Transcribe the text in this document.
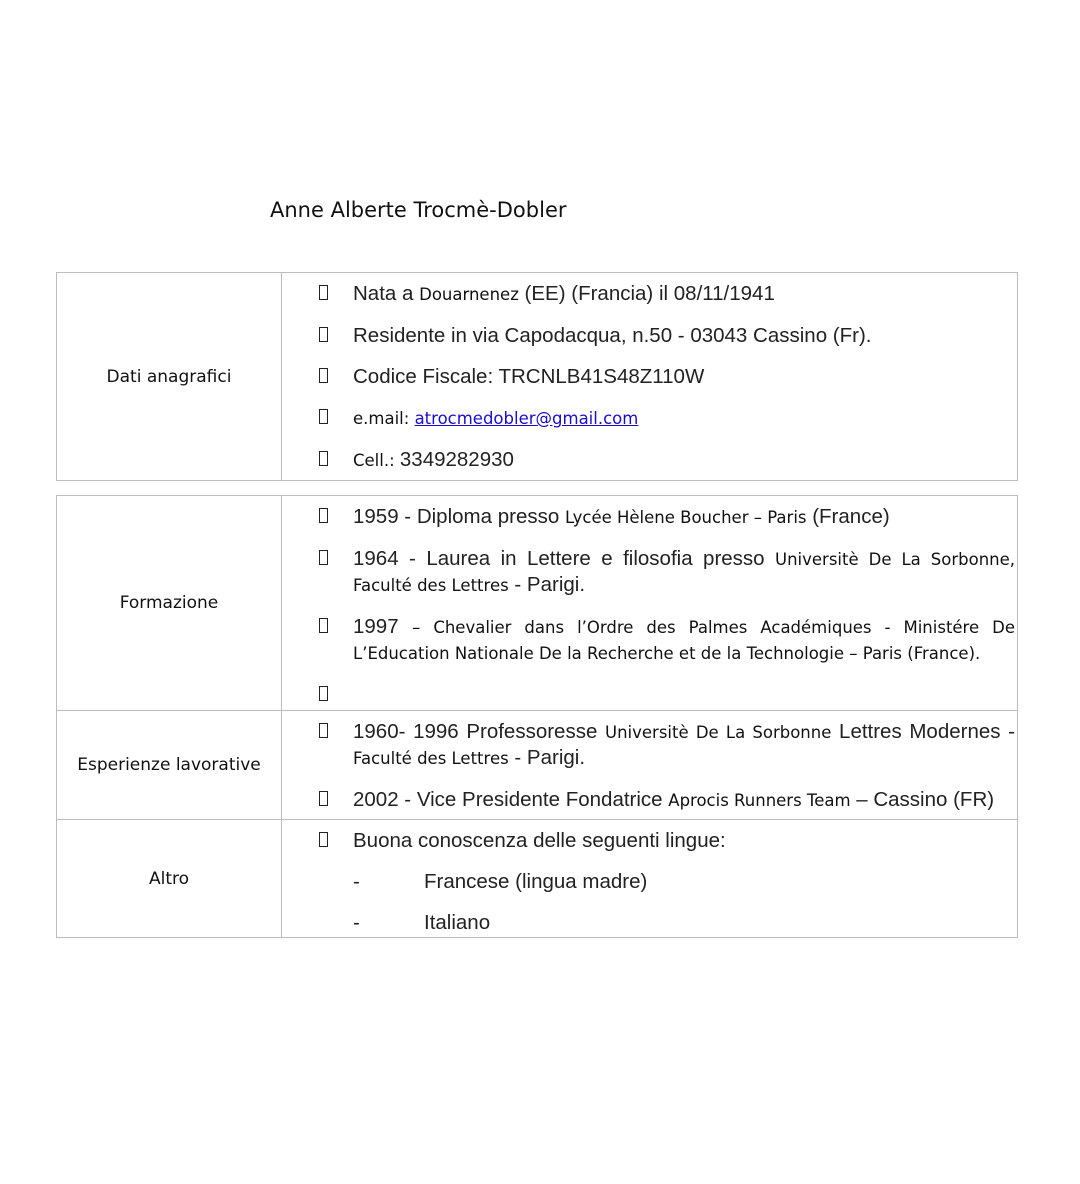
Anne Alberte Trocmè-Dobler
Dati anagrafici	
Nata a Douarnenez (EE) (Francia) il 08/11/1941
Residente in via Capodacqua, n.50 - 03043 Cassino (Fr).
Codice Fiscale: TRCNLB41S48Z110W
e.mail: atrocmedobler@gmail.com
Cell.: 3349282930
Formazione	1959 - Diploma presso Lycée Hèlene Boucher – Paris (France)
1964 - Laurea in Lettere e filosofia presso Universitè De La Sorbonne, Faculté des Lettres - Parigi.
1997 – Chevalier dans l’Ordre des Palmes Académiques - Ministére De L’Education Nationale De la Recherche et de la Technologie – Paris (France).

Esperienze lavorative	1960- 1996 Professoresse Universitè De La Sorbonne Lettres Modernes - Faculté des Lettres - Parigi.
2002 - Vice Presidente Fondatrice Aprocis Runners Team – Cassino (FR)

Altro	Buona conoscenza delle seguenti lingue:
- Francese (lingua madre)
- Italiano
